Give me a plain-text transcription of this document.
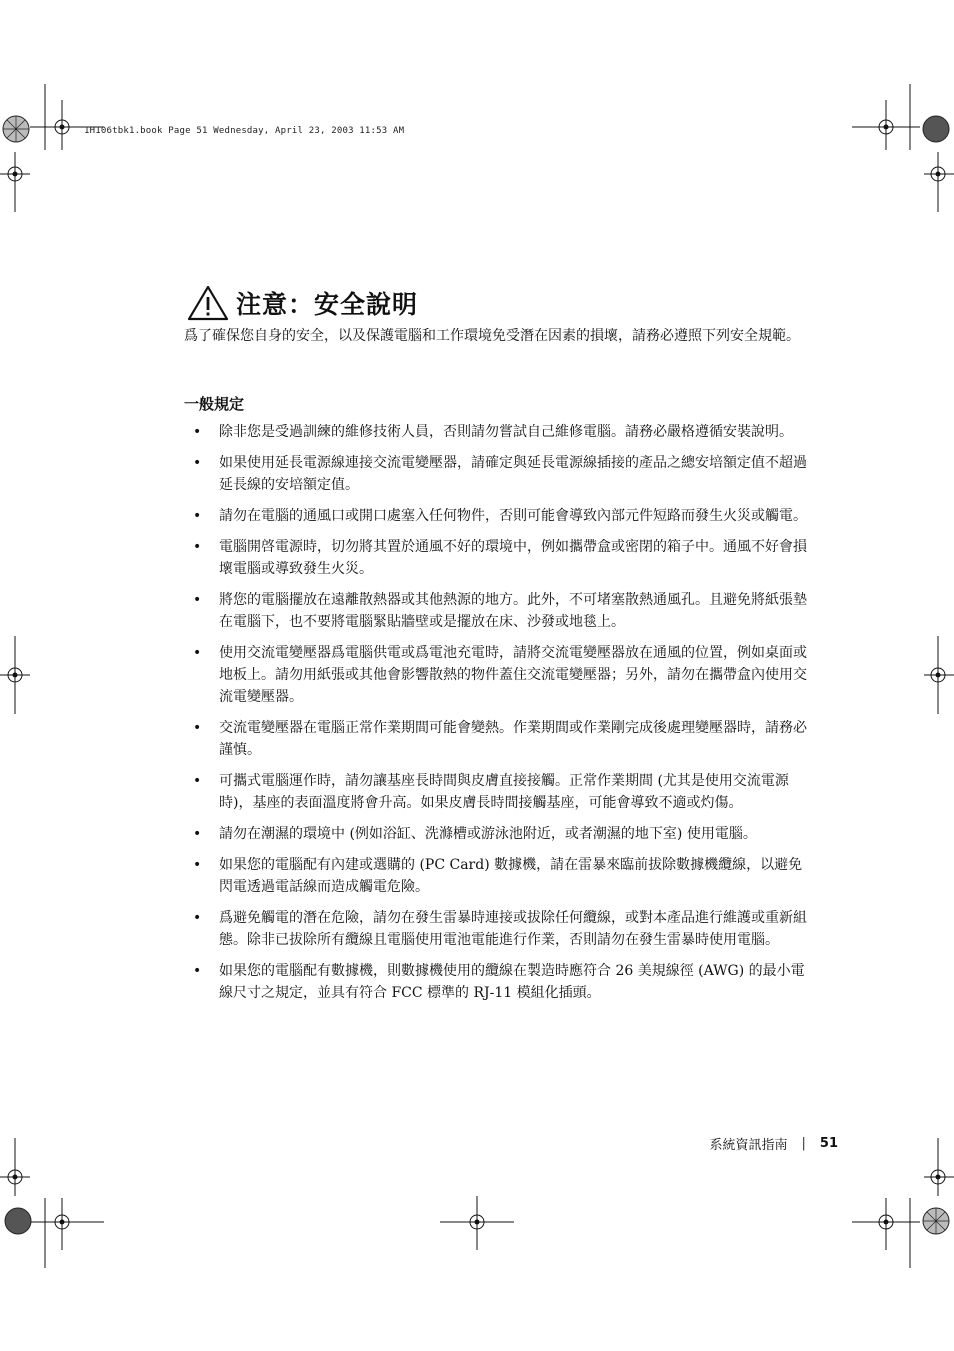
1H106tbk1.book Page 51 Wednesday, April 23, 2003 11:53 AM
注意：安全說明
爲了確保您自身的安全，以及保護電腦和工作環境免受潛在因素的損壞，請務必遵照下列安全規範。
一般規定
• 除非您是受過訓練的維修技術人員，否則請勿嘗試自己維修電腦。請務必嚴格遵循安裝說明。
• 如果使用延長電源線連接交流電變壓器，請確定與延長電源線插接的產品之總安培額定值不超過延長線的安培額定值。
• 請勿在電腦的通風口或開口處塞入任何物件，否則可能會導致內部元件短路而發生火災或觸電。
• 電腦開啓電源時，切勿將其置於通風不好的環境中，例如攜帶盒或密閉的箱子中。通風不好會損壞電腦或導致發生火災。
• 將您的電腦擺放在遠離散熱器或其他熱源的地方。此外，不可堵塞散熱通風孔。且避免將紙張墊在電腦下，也不要將電腦緊貼牆壁或是擺放在床、沙發或地毯上。
• 使用交流電變壓器爲電腦供電或爲電池充電時，請將交流電變壓器放在通風的位置，例如桌面或地板上。請勿用紙張或其他會影響散熱的物件蓋住交流電變壓器；另外，請勿在攜帶盒內使用交流電變壓器。
• 交流電變壓器在電腦正常作業期間可能會變熱。作業期間或作業剛完成後處理變壓器時，請務必謹慎。
• 可攜式電腦運作時，請勿讓基座長時間與皮膚直接接觸。正常作業期間 (尤其是使用交流電源時)，基座的表面溫度將會升高。如果皮膚長時間接觸基座，可能會導致不適或灼傷。
• 請勿在潮濕的環境中 (例如浴缸、洗滌槽或游泳池附近，或者潮濕的地下室) 使用電腦。
• 如果您的電腦配有內建或選購的 (PC Card) 數據機，請在雷暴來臨前拔除數據機纜線，以避免閃電透過電話線而造成觸電危險。
• 爲避免觸電的潛在危險，請勿在發生雷暴時連接或拔除任何纜線，或對本產品進行維護或重新組態。除非已拔除所有纜線且電腦使用電池電能進行作業，否則請勿在發生雷暴時使用電腦。
• 如果您的電腦配有數據機，則數據機使用的纜線在製造時應符合 26 美規線徑 (AWG) 的最小電線尺寸之規定，並具有符合 FCC 標準的 RJ-11 模組化插頭。
系統資訊指南 | 51
